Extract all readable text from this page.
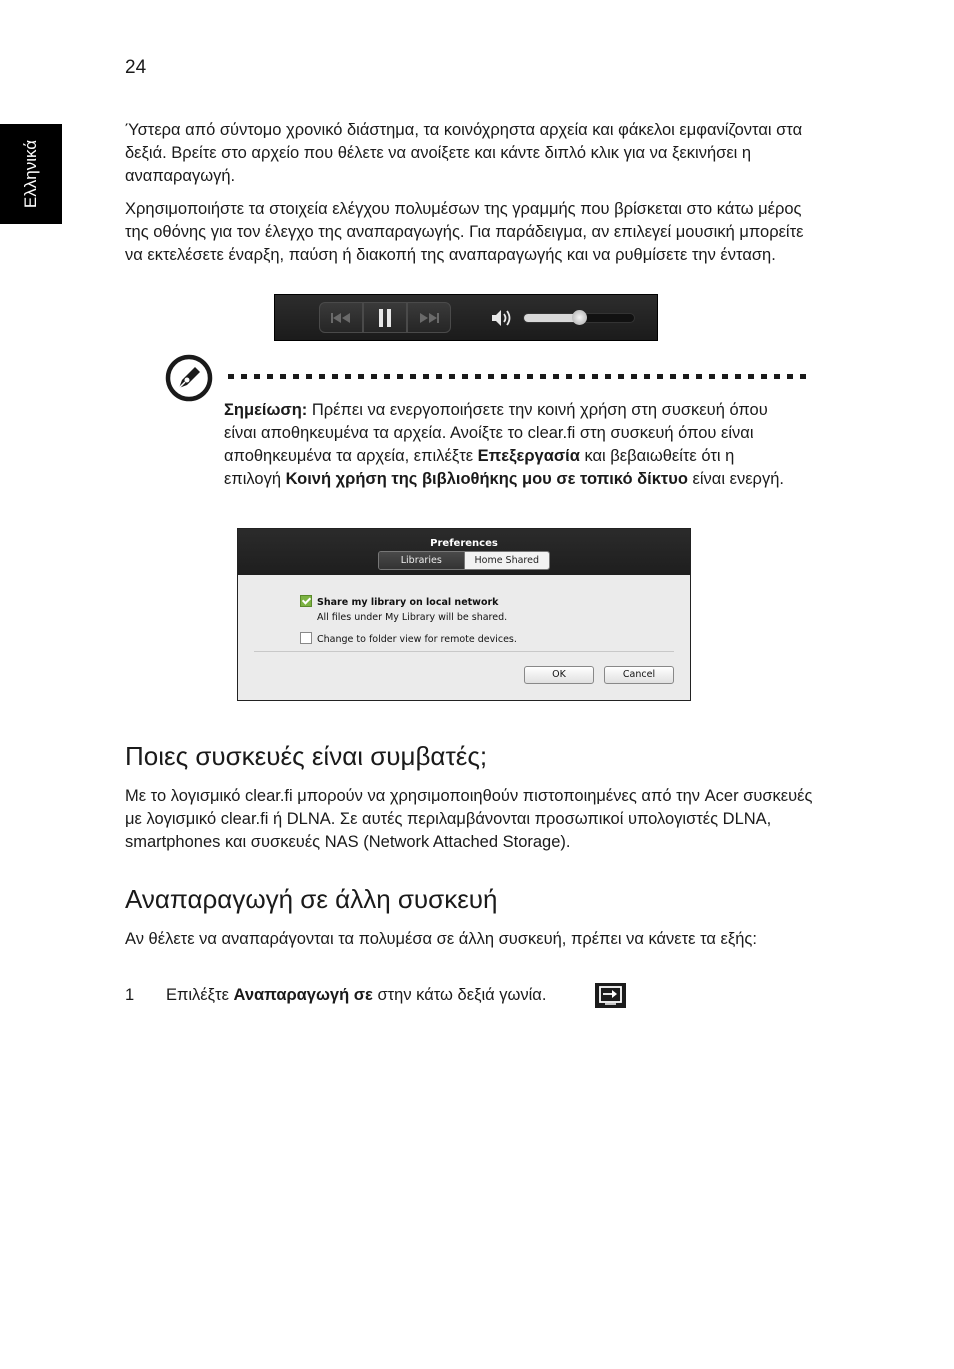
24
Ελληνικά

Ύστερα από σύντομο χρονικό διάστημα, τα κοινόχρηστα αρχεία και φάκελοι εμφανίζονται στα δεξιά. Βρείτε στο αρχείο που θέλετε να ανοίξετε και κάντε διπλό κλικ για να ξεκινήσει η αναπαραγωγή.

Χρησιμοποιήστε τα στοιχεία ελέγχου πολυμέσων της γραμμής που βρίσκεται στο κάτω μέρος της οθόνης για τον έλεγχο της αναπαραγωγής. Για παράδειγμα, αν επιλεγεί μουσική μπορείτε να εκτελέσετε έναρξη, παύση ή διακοπή της αναπαραγωγής και να ρυθμίσετε την ένταση.

Σημείωση: Πρέπει να ενεργοποιήσετε την κοινή χρήση στη συσκευή όπου είναι αποθηκευμένα τα αρχεία. Ανοίξτε το clear.fi στη συσκευή όπου είναι αποθηκευμένα τα αρχεία, επιλέξτε Επεξεργασία και βεβαιωθείτε ότι η επιλογή Κοινή χρήση της βιβλιοθήκης μου σε τοπικό δίκτυο είναι ενεργή.

Preferences
Libraries	Home Shared
Share my library on local network
All files under My Library will be shared.
Change to folder view for remote devices.
OK	Cancel
Ποιες συσκευές είναι συμβατές;

Με το λογισμικό clear.fi μπορούν να χρησιμοποιηθούν πιστοποιημένες από την Acer συσκευές με λογισμικό clear.fi ή DLNA. Σε αυτές περιλαμβάνονται προσωπικοί υπολογιστές DLNA, smartphones και συσκευές NAS (Network Attached Storage).

Αναπαραγωγή σε άλλη συσκευή

Αν θέλετε να αναπαράγονται τα πολυμέσα σε άλλη συσκευή, πρέπει να κάνετε τα εξής:

1 Επιλέξτε Αναπαραγωγή σε στην κάτω δεξιά γωνία.
